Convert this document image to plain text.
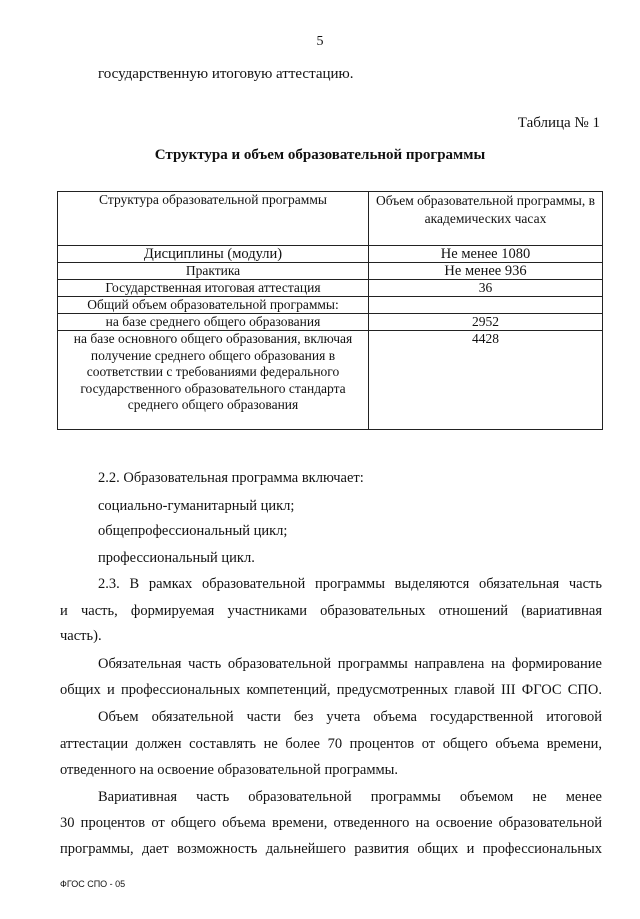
5
государственную итоговую аттестацию.
Таблица № 1
Структура и объем образовательной программы
Структура образовательной программы	Объем образовательной программы, в академических часах
Дисциплины (модули)	Не менее 1080
Практика	Не менее 936
Государственная итоговая аттестация	36
Общий объем образовательной программы:	
на базе среднего общего образования	2952
на базе основного общего образования, включая получение среднего общего образования в соответствии с требованиями федерального государственного образовательного стандарта среднего общего образования	4428
2.2. Образовательная программа включает:
социально-гуманитарный цикл;
общепрофессиональный цикл;
профессиональный цикл.
2.3. В рамках образовательной программы выделяются обязательная часть
и часть, формируемая участниками образовательных отношений (вариативная
часть).
Обязательная часть образовательной программы направлена на формирование
общих и профессиональных компетенций, предусмотренных главой III ФГОС СПО.
Объем обязательной части без учета объема государственной итоговой
аттестации должен составлять не более 70 процентов от общего объема времени,
отведенного на освоение образовательной программы.
Вариативная часть образовательной программы объемом не менее
30 процентов от общего объема времени, отведенного на освоение образовательной
программы, дает возможность дальнейшего развития общих и профессиональных
ФГОС СПО - 05
